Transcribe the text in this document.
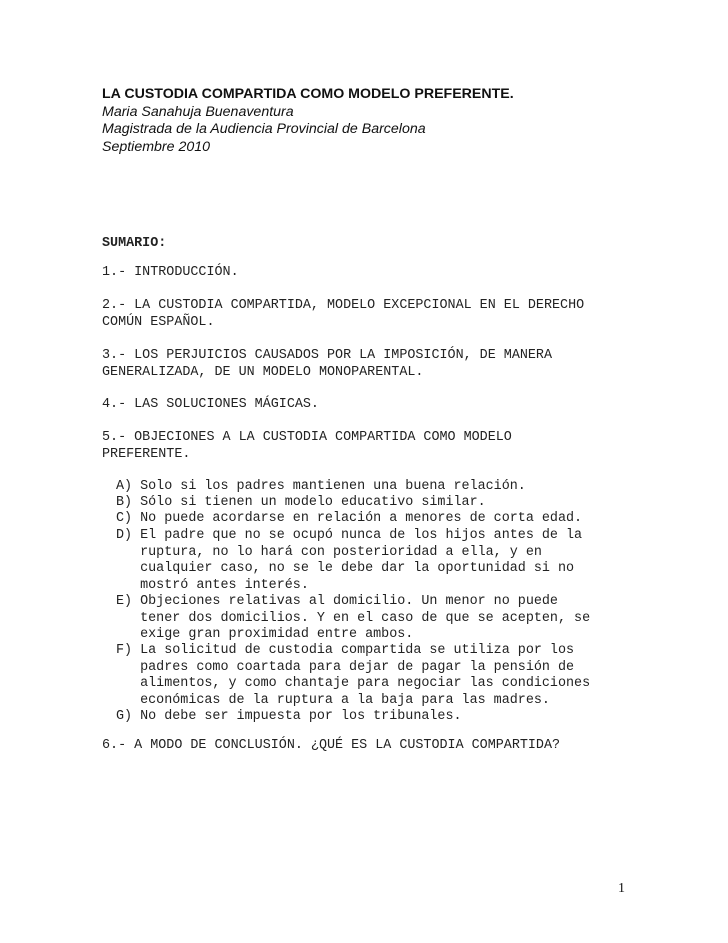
LA CUSTODIA COMPARTIDA COMO MODELO PREFERENTE.
Maria Sanahuja Buenaventura
Magistrada de la Audiencia Provincial de Barcelona
Septiembre 2010
SUMARIO:
1.- INTRODUCCIÓN.
2.- LA CUSTODIA COMPARTIDA, MODELO EXCEPCIONAL EN EL DERECHO
COMÚN ESPAÑOL.
3.- LOS PERJUICIOS CAUSADOS POR LA IMPOSICIÓN, DE MANERA
GENERALIZADA, DE UN MODELO MONOPARENTAL.
4.- LAS SOLUCIONES MÁGICAS.
5.- OBJECIONES A LA CUSTODIA COMPARTIDA COMO MODELO
PREFERENTE.
A) Solo si los padres mantienen una buena relación.
B) Sólo si tienen un modelo educativo similar.
C) No puede acordarse en relación a menores de corta edad.
D) El padre que no se ocupó nunca de los hijos antes de la
ruptura, no lo hará con posterioridad a ella, y en
cualquier caso, no se le debe dar la oportunidad si no
mostró antes interés.
E) Objeciones relativas al domicilio. Un menor no puede
tener dos domicilios. Y en el caso de que se acepten, se
exige gran proximidad entre ambos.
F) La solicitud de custodia compartida se utiliza por los
padres como coartada para dejar de pagar la pensión de
alimentos, y como chantaje para negociar las condiciones
económicas de la ruptura a la baja para las madres.
G) No debe ser impuesta por los tribunales.
6.- A MODO DE CONCLUSIÓN. ¿QUÉ ES LA CUSTODIA COMPARTIDA?
1
